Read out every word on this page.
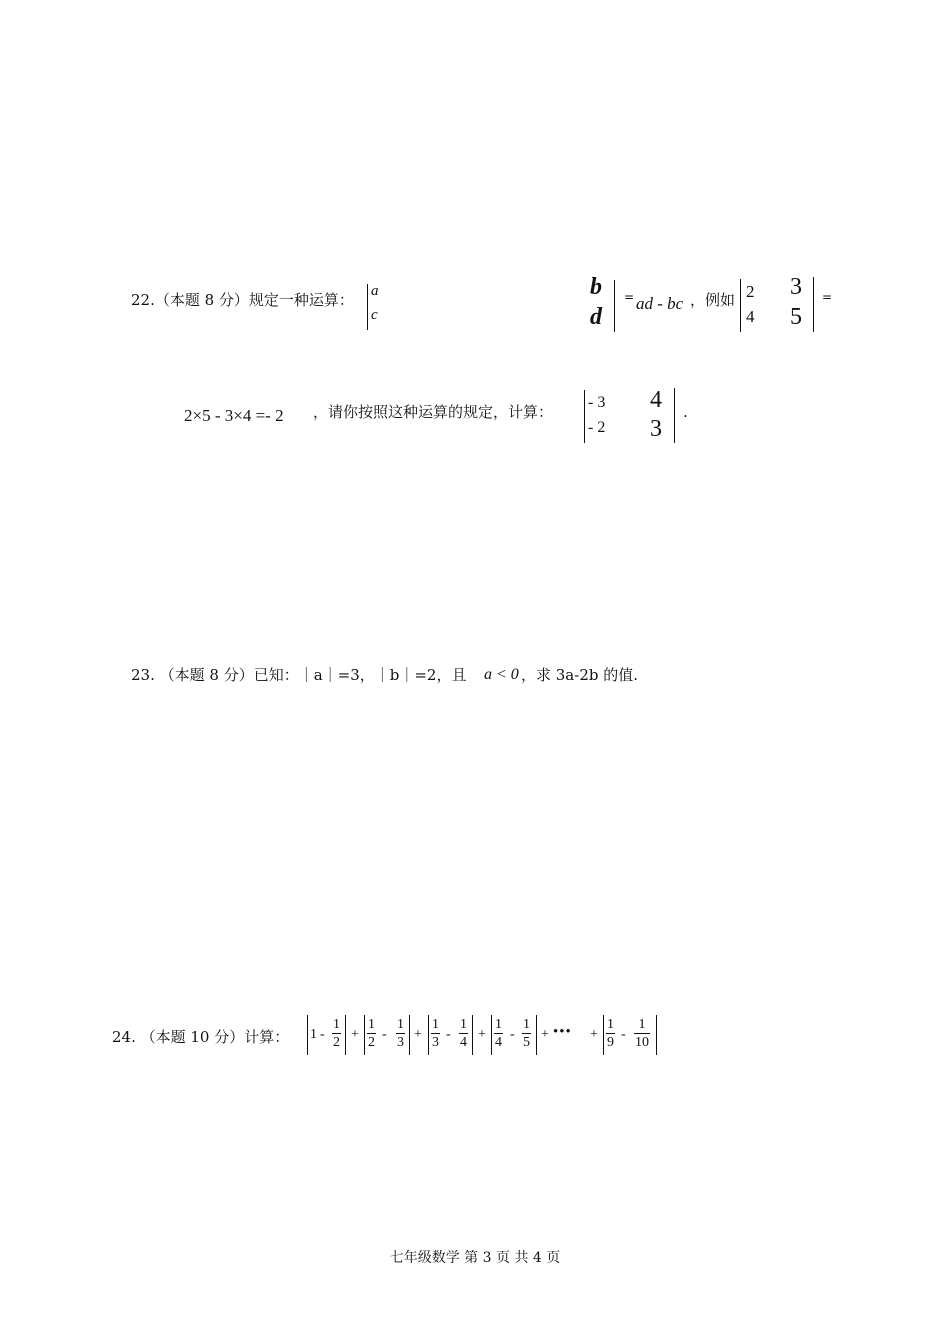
22.（本题 8 分）规定一种运算： a
c
b
d
= ad - bc ，例如 2
4
3
5
=
2×5 - 3×4 =- 2 ，请你按照这种运算的规定，计算：
- 3
- 2
4
3
.
23. （本题 8 分）已知：｜a｜=3，｜b｜=2，且 a < 0 ，求 3a-2b 的值.
24. （本题 10 分）计算： 1 -
1
2
+
1
2
-
1
3
+
1
3
-
1
4
+
1
4
-
1
5
+ ••• +
1
9
-
1
10
七年级数学 第 3 页 共 4 页
